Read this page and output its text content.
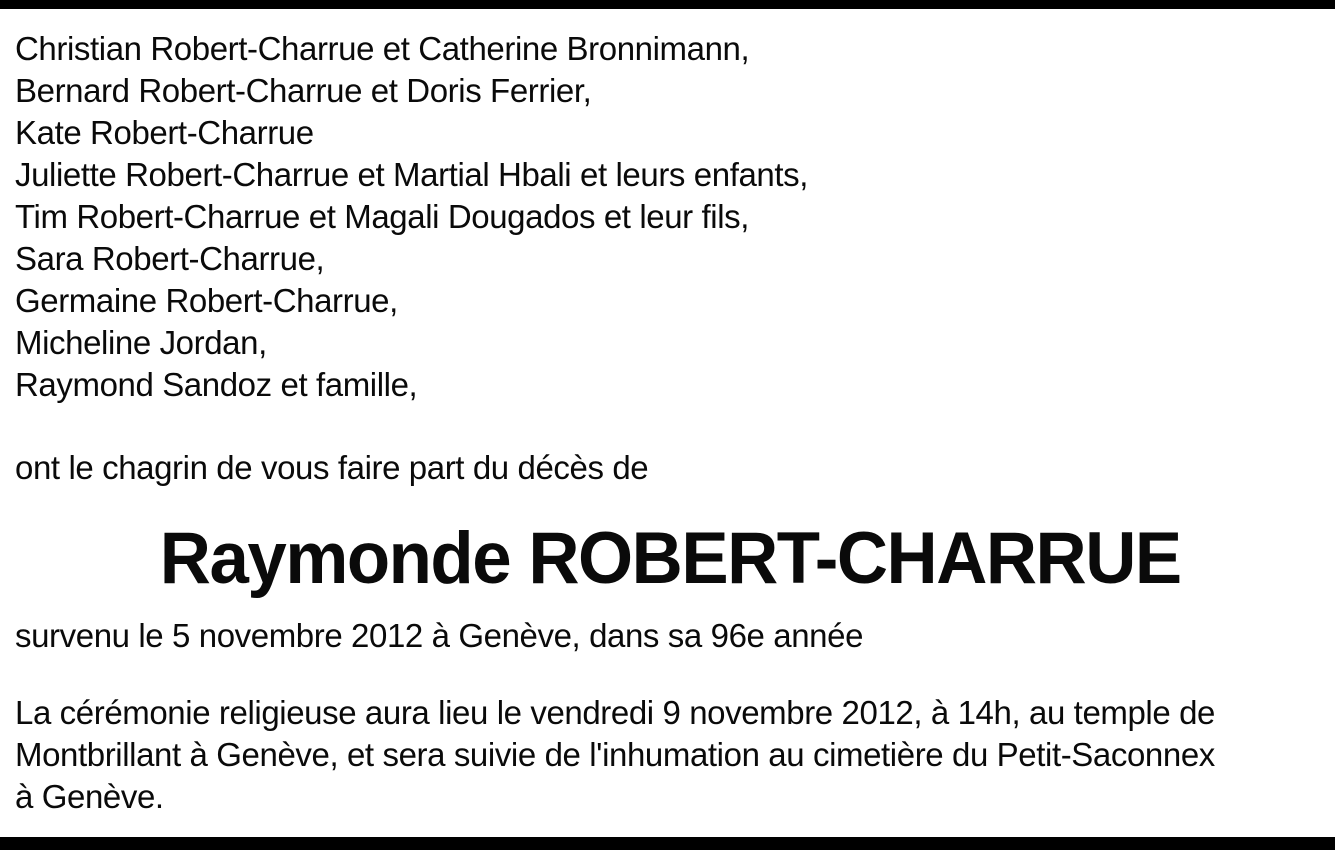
Christian Robert-Charrue et Catherine Bronnimann,
Bernard Robert-Charrue et Doris Ferrier,
Kate Robert-Charrue
Juliette Robert-Charrue et Martial Hbali et leurs enfants,
Tim Robert-Charrue et Magali Dougados et leur fils,
Sara Robert-Charrue,
Germaine Robert-Charrue,
Micheline Jordan,
Raymond Sandoz et famille,
ont le chagrin de vous faire part du décès de
Raymonde ROBERT-CHARRUE
survenu le 5 novembre 2012 à Genève, dans sa 96e année
La cérémonie religieuse aura lieu le vendredi 9 novembre 2012, à 14h, au temple de
Montbrillant à Genève, et sera suivie de l'inhumation au cimetière du Petit-Saconnex
à Genève.
